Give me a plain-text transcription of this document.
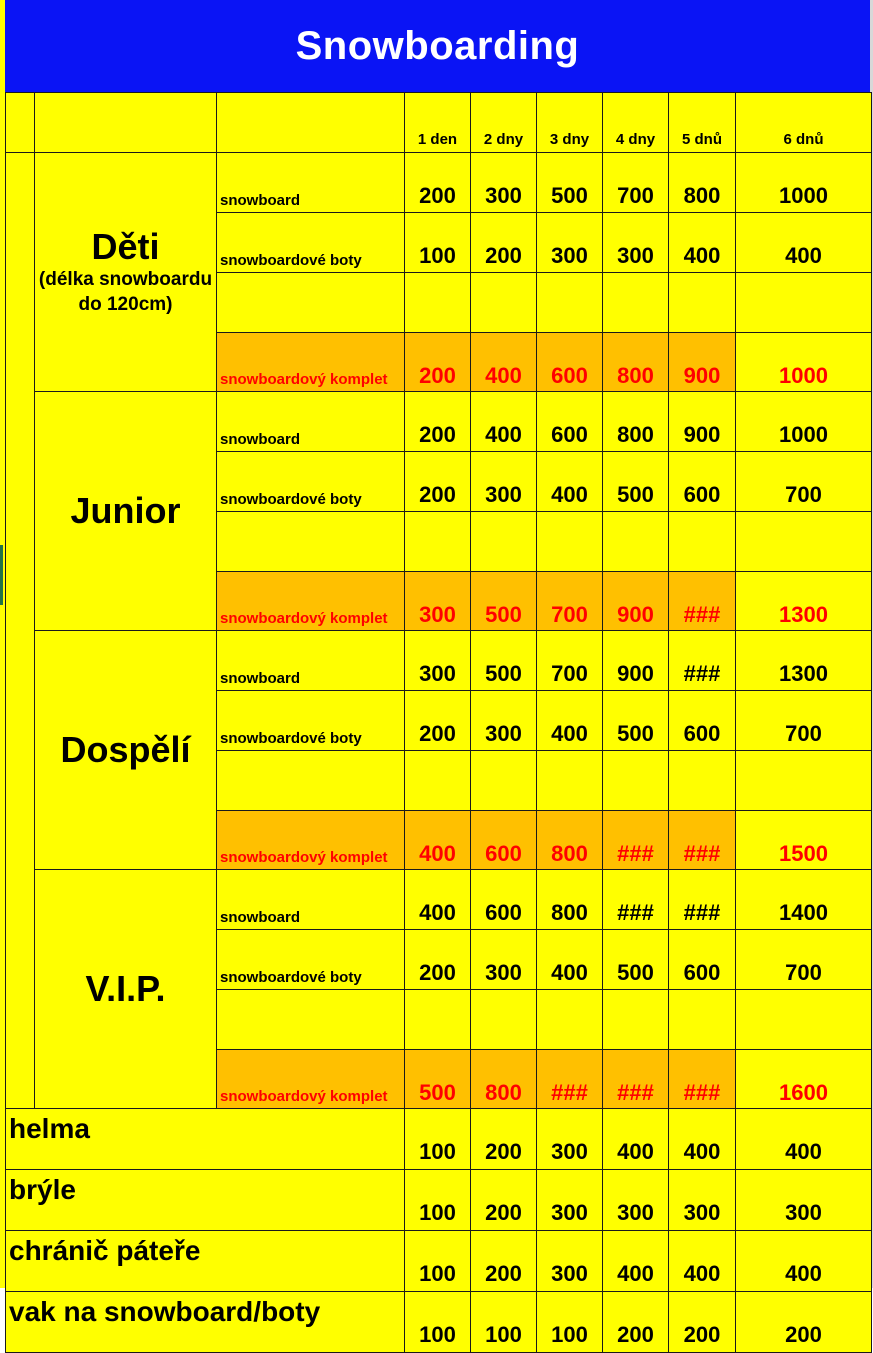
Snowboarding
			1 den	2 dny	3 dny	4 dny	5 dnů	6 dnů

	Děti
(délka snowboardu do 120cm)	snowboard	200	300	500	700	800	1000
		snowboardové boty	100	200	300	300	400	400

		snowboardový komplet	200	400	600	800	900	1000

	Junior	snowboard	200	400	600	800	900	1000
		snowboardové boty	200	300	400	500	600	700

		snowboardový komplet	300	500	700	900	###	1300

	Dospělí	snowboard	300	500	700	900	###	1300
		snowboardové boty	200	300	400	500	600	700

		snowboardový komplet	400	600	800	###	###	1500

	V.I.P.	snowboard	400	600	800	###	###	1400
		snowboardové boty	200	300	400	500	600	700

		snowboardový komplet	500	800	###	###	###	1600
helma			100	200	300	400	400	400
brýle			100	200	300	300	300	300
chránič páteře			100	200	300	400	400	400
vak na snowboard/boty			100	100	100	200	200	200
